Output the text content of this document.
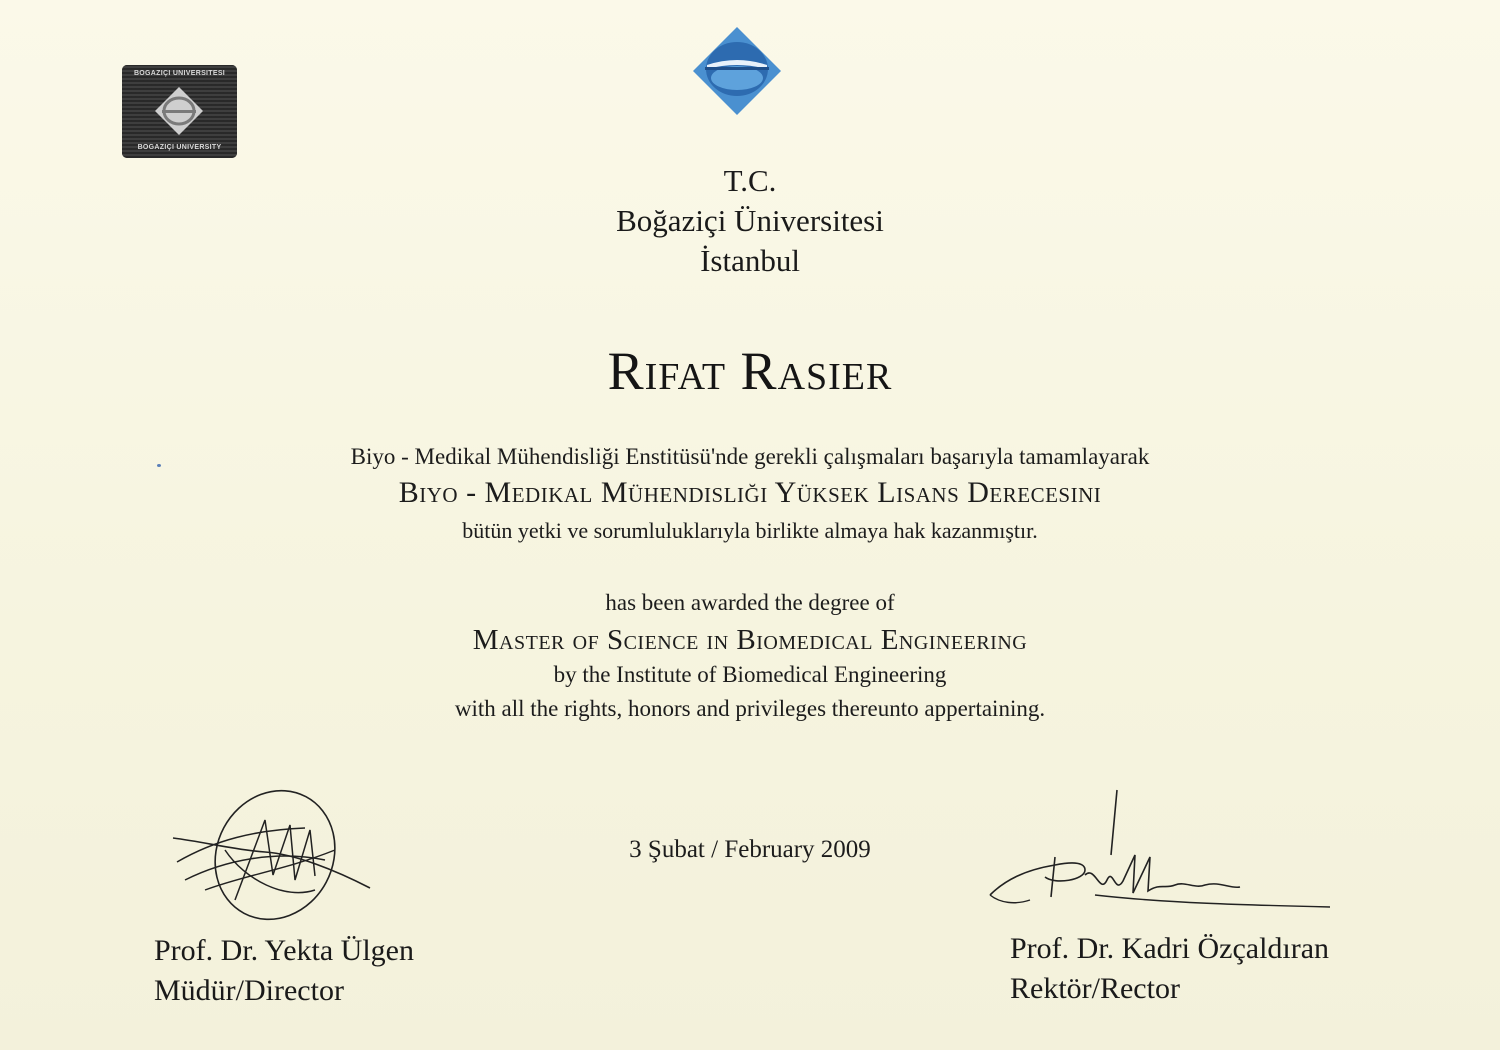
BOĞAZİÇİ ÜNİVERSİTESİ
BOĞAZİÇİ UNIVERSITY
T.C.
Boğaziçi Üniversitesi
İstanbul
Rifat Rasier
Biyo - Medikal Mühendisliği Enstitüsü'nde gerekli çalışmaları başarıyla tamamlayarak
Biyo - Medikal Mühendisliği Yüksek Lisans Derecesini
bütün yetki ve sorumluluklarıyla birlikte almaya hak kazanmıştır.
has been awarded the degree of
Master of Science in Biomedical Engineering
by the Institute of Biomedical Engineering
with all the rights, honors and privileges thereunto appertaining.
3 Şubat / February 2009
Prof. Dr. Yekta Ülgen
Müdür/Director
Prof. Dr. Kadri Özçaldıran
Rektör/Rector
